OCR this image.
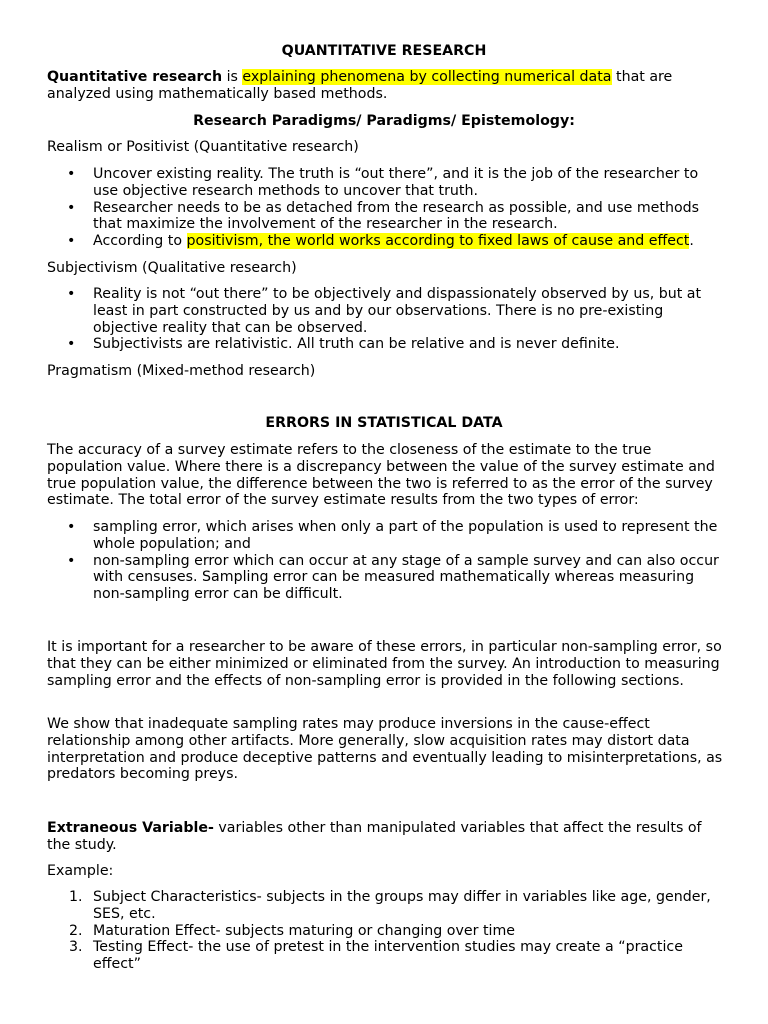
QUANTITATIVE RESEARCH

Quantitative research is explaining phenomena by collecting numerical data that are analyzed using mathematically based methods.

Research Paradigms/ Paradigms/ Epistemology:

Realism or Positivist (Quantitative research)

• Uncover existing reality. The truth is “out there”, and it is the job of the researcher to use objective research methods to uncover that truth.
• Researcher needs to be as detached from the research as possible, and use methods that maximize the involvement of the researcher in the research.
• According to positivism, the world works according to fixed laws of cause and effect.

Subjectivism (Qualitative research)

• Reality is not “out there” to be objectively and dispassionately observed by us, but at least in part constructed by us and by our observations. There is no pre-existing objective reality that can be observed.
• Subjectivists are relativistic. All truth can be relative and is never definite.

Pragmatism (Mixed-method research)

ERRORS IN STATISTICAL DATA

The accuracy of a survey estimate refers to the closeness of the estimate to the true population value. Where there is a discrepancy between the value of the survey estimate and true population value, the difference between the two is referred to as the error of the survey estimate. The total error of the survey estimate results from the two types of error:

• sampling error, which arises when only a part of the population is used to represent the whole population; and
• non-sampling error which can occur at any stage of a sample survey and can also occur with censuses. Sampling error can be measured mathematically whereas measuring non-sampling error can be difficult.

It is important for a researcher to be aware of these errors, in particular non-sampling error, so that they can be either minimized or eliminated from the survey. An introduction to measuring sampling error and the effects of non-sampling error is provided in the following sections.

We show that inadequate sampling rates may produce inversions in the cause-effect relationship among other artifacts. More generally, slow acquisition rates may distort data interpretation and produce deceptive patterns and eventually leading to misinterpretations, as predators becoming preys.

Extraneous Variable- variables other than manipulated variables that affect the results of the study.

Example:

1. Subject Characteristics- subjects in the groups may differ in variables like age, gender, SES, etc.
2. Maturation Effect- subjects maturing or changing over time
3. Testing Effect- the use of pretest in the intervention studies may create a “practice effect”
